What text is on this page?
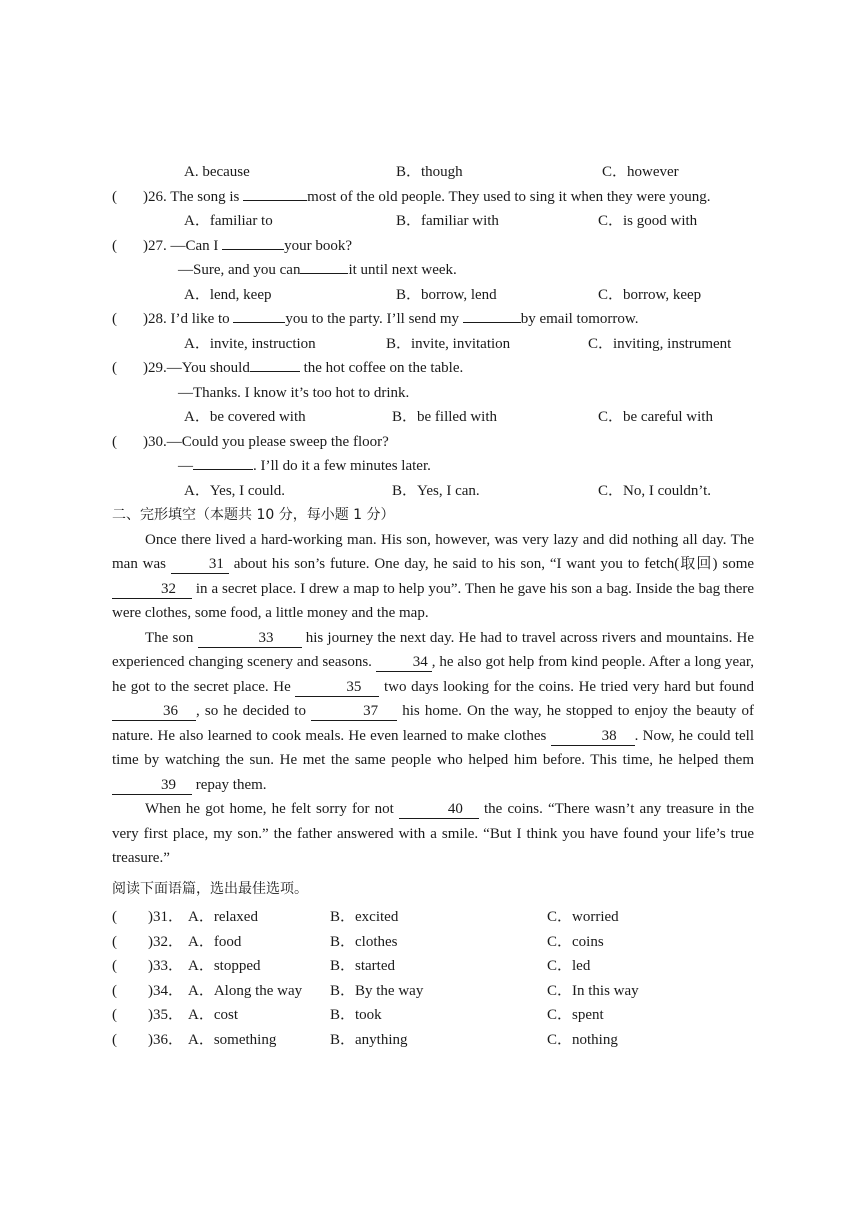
A. because	B．though	C．however
( )26. The song is	most of the old people. They used to sing it when they were young.
A．familiar to	B．familiar with	C．is good with
( )27. —Can I	your book?
—Sure, and you can	it until next week.
A．lend, keep	B．borrow, lend	C．borrow, keep
( )28. I’d like to	you to the party. I’ll send my	by email tomorrow.
A．invite, instruction	B．invite, invitation	C．inviting, instrument
( )29.—You should	the hot coffee on the table.
—Thanks. I know it’s too hot to drink.
A．be covered with	B．be filled with	C．be careful with
( )30.—Could you please sweep the floor?
—	. I’ll do it a few minutes later.
A．Yes, I could.	B．Yes, I can.	C．No, I couldn’t.
二、完形填空（本题共 10 分，每小题 1 分）
Once there lived a hard-working man. His son, however, was very lazy and did nothing all day. The man was	31 about his son’s future. One day, he said to his son, “I want you to fetch(取回) some 32 in a secret place. I drew a map to help you”. Then he gave his son a bag. Inside the bag there were clothes, some food, a little money and the map.
The son	33 his journey the next day. He had to travel across rivers and mountains. He experienced changing scenery and seasons.	34 , he also got help from kind people. After a long year, he got to the secret place. He	35 two days looking for the coins. He tried very hard but found 36 , so he decided to	37 his home. On the way, he stopped to enjoy the beauty of nature. He also learned to cook meals. He even learned to make clothes	38 . Now, he could tell time by watching the sun. He met the same people who helped him before. This time, he helped them 39 repay them.
When he got home, he felt sorry for not	40 the coins. “There wasn’t any treasure in the very first place, my son.” the father answered with a smile. “But I think you have found your life’s true treasure.”
阅读下面语篇，选出最佳选项。
( )31． A．relaxed	B．excited	C．worried
( )32． A．food	B．clothes	C．coins
( )33． A．stopped	B．started	C．led
( )34． A．Along the way B．By the way	C．In this way
( )35． A．cost	B．took	C．spent
( )36． A．something	B．anything	C．nothing
